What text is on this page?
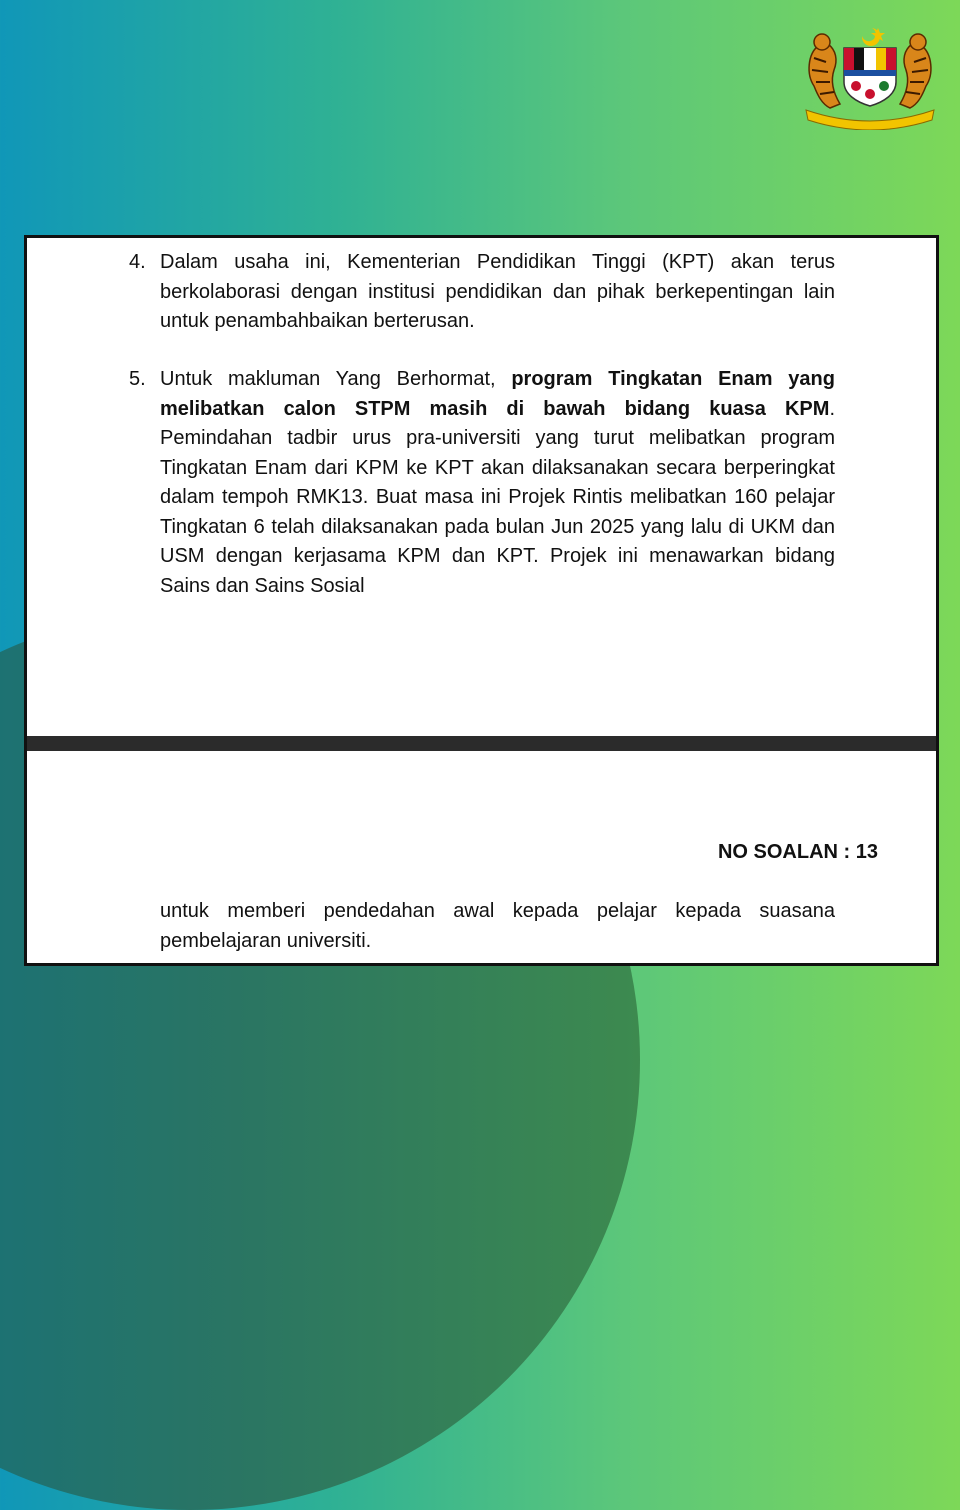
4. Dalam usaha ini, Kementerian Pendidikan Tinggi (KPT) akan terus berkolaborasi dengan institusi pendidikan dan pihak berkepentingan lain untuk penambahbaikan berterusan.
5. Untuk makluman Yang Berhormat, program Tingkatan Enam yang melibatkan calon STPM masih di bawah bidang kuasa KPM. Pemindahan tadbir urus pra-universiti yang turut melibatkan program Tingkatan Enam dari KPM ke KPT akan dilaksanakan secara berperingkat dalam tempoh RMK13. Buat masa ini Projek Rintis melibatkan 160 pelajar Tingkatan 6 telah dilaksanakan pada bulan Jun 2025 yang lalu di UKM dan USM dengan kerjasama KPM dan KPT. Projek ini menawarkan bidang Sains dan Sains Sosial
NO SOALAN : 13
untuk memberi pendedahan awal kepada pelajar kepada suasana pembelajaran universiti.
